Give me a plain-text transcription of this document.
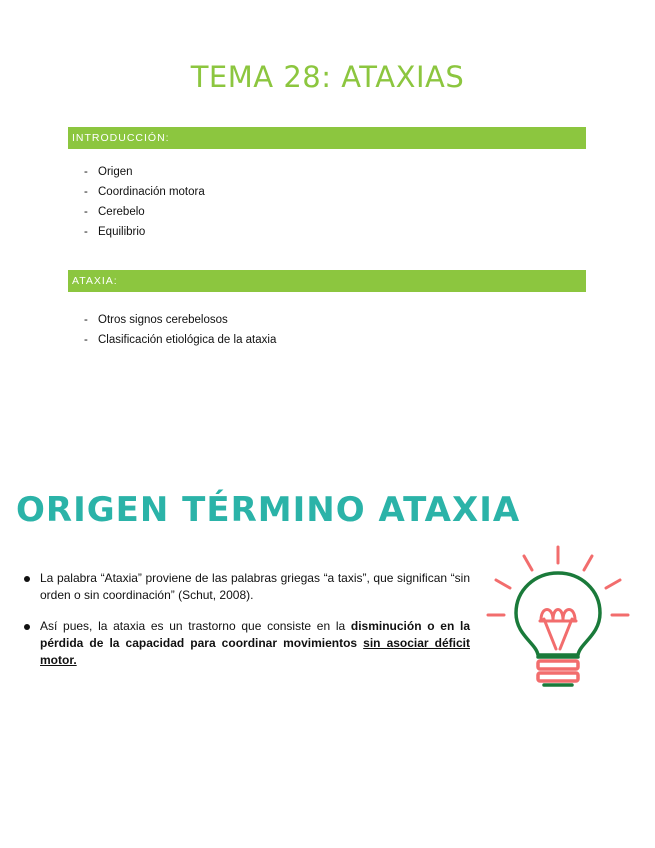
TEMA 28: ATAXIAS
INTRODUCCIÓN:
- Origen
- Coordinación motora
- Cerebelo
- Equilibrio
ATAXIA:
- Otros signos cerebelosos
- Clasificación etiológica de la ataxia
ORIGEN TÉRMINO ATAXIA
La palabra “Ataxia” proviene de las palabras griegas “a taxis”, que significan “sin orden o sin coordinación” (Schut, 2008).
Así pues, la ataxia es un trastorno que consiste en la disminución o en la pérdida de la capacidad para coordinar movimientos sin asociar déficit motor.
